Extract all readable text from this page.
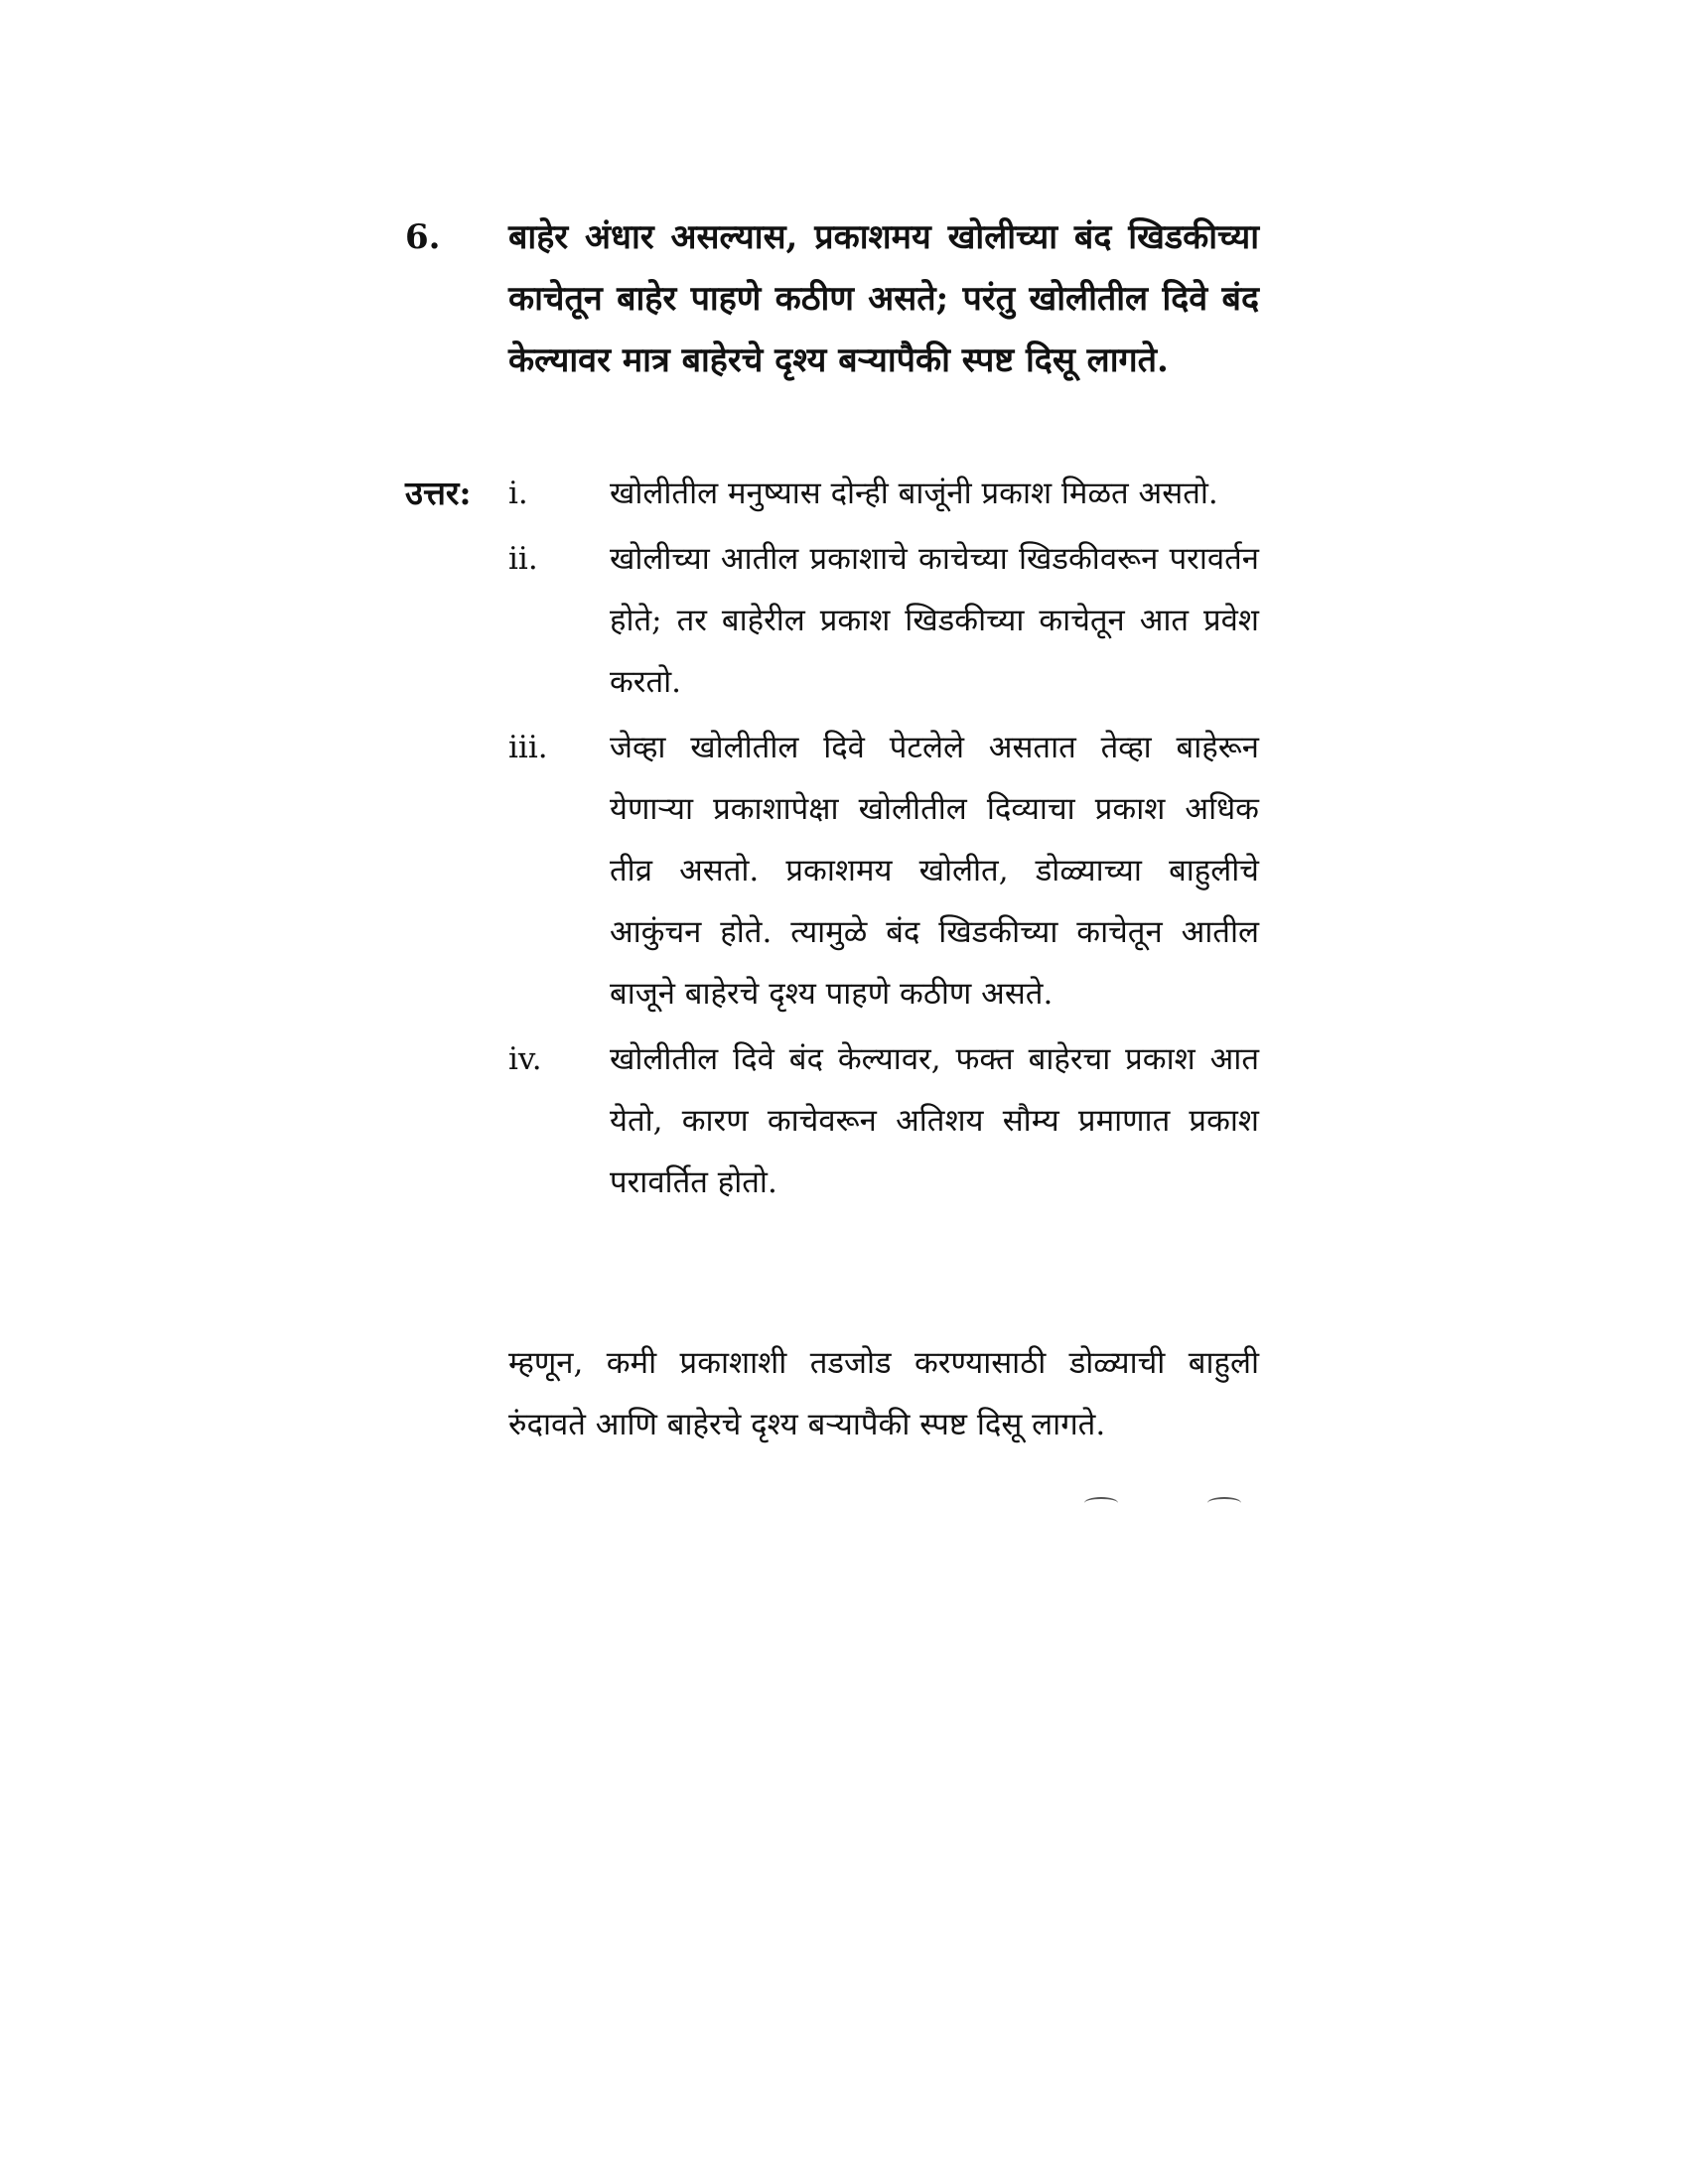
6. बाहेर अंधार असल्यास, प्रकाशमय खोलीच्या बंद खिडकीच्या काचेतून बाहेर पाहणे कठीण असते; परंतु खोलीतील दिवे बंद केल्यावर मात्र बाहेरचे दृश्य बऱ्यापैकी स्पष्ट दिसू लागते.
उत्तर: i.	खोलीतील मनुष्यास दोन्ही बाजूंनी प्रकाश मिळत असतो.
ii.	खोलीच्या आतील प्रकाशाचे काचेच्या खिडकीवरून परावर्तन होते; तर बाहेरील प्रकाश खिडकीच्या काचेतून आत प्रवेश करतो.
iii.	जेव्हा खोलीतील दिवे पेटलेले असतात तेव्हा बाहेरून येणाऱ्या प्रकाशापेक्षा खोलीतील दिव्याचा प्रकाश अधिक तीव्र असतो. प्रकाशमय खोलीत, डोळ्याच्या बाहुलीचे आकुंचन होते. त्यामुळे बंद खिडकीच्या काचेतून आतील बाजूने बाहेरचे दृश्य पाहणे कठीण असते.
iv.	खोलीतील दिवे बंद केल्यावर, फक्त बाहेरचा प्रकाश आत येतो, कारण काचेवरून अतिशय सौम्य प्रमाणात प्रकाश परावर्तित होतो.
म्हणून, कमी प्रकाशाशी तडजोड करण्यासाठी डोळ्याची बाहुली रुंदावते आणि बाहेरचे दृश्य बऱ्यापैकी स्पष्ट दिसू लागते.
